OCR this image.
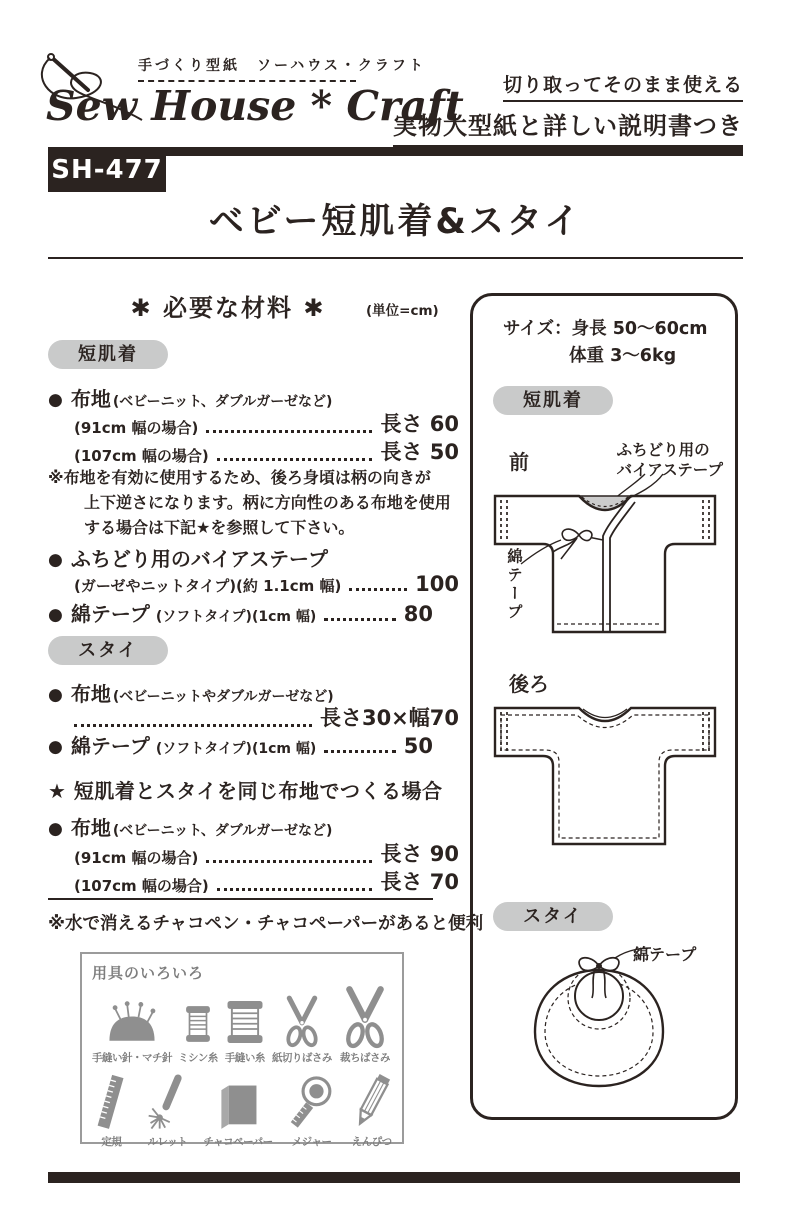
手づくり型紙　ソーハウス・クラフト
Sew House * Craft	切り取ってそのまま使える
実物大型紙と詳しい説明書つき
SH-477
ベビー短肌着&スタイ
✱ 必要な材料 ✱	(単位=cm)
短肌着
● 布地 (ベビーニット、ダブルガーゼなど)
(91cm 幅の場合)	長さ 60
(107cm 幅の場合)	長さ 50
※布地を有効に使用するため、後ろ身頃は柄の向きが
上下逆さになります。柄に方向性のある布地を使用
する場合は下記★を参照して下さい。
● ふちどり用のバイアステープ
(ガーゼやニットタイプ)(約 1.1cm 幅)	100
● 綿テープ (ソフトタイプ)(1cm 幅)	80
スタイ
● 布地 (ベビーニットやダブルガーゼなど)
長さ30×幅70
● 綿テープ (ソフトタイプ)(1cm 幅)	50
★ 短肌着とスタイを同じ布地でつくる場合
● 布地 (ベビーニット、ダブルガーゼなど)
(91cm 幅の場合)	長さ 90
(107cm 幅の場合)	長さ 70
※水で消えるチャコペン・チャコペーパーがあると便利
用具のいろいろ
手縫い針・マチ針 ミシン糸 手縫い糸 紙切りばさみ 裁ちばさみ
定規 ルレット チャコペーパー メジャー えんぴつ
サイズ：身長 50〜60cm
体重 3〜6kg
短肌着
前	ふちどり用の
バイアステープ
綿テープ
後ろ
スタイ
綿テープ
